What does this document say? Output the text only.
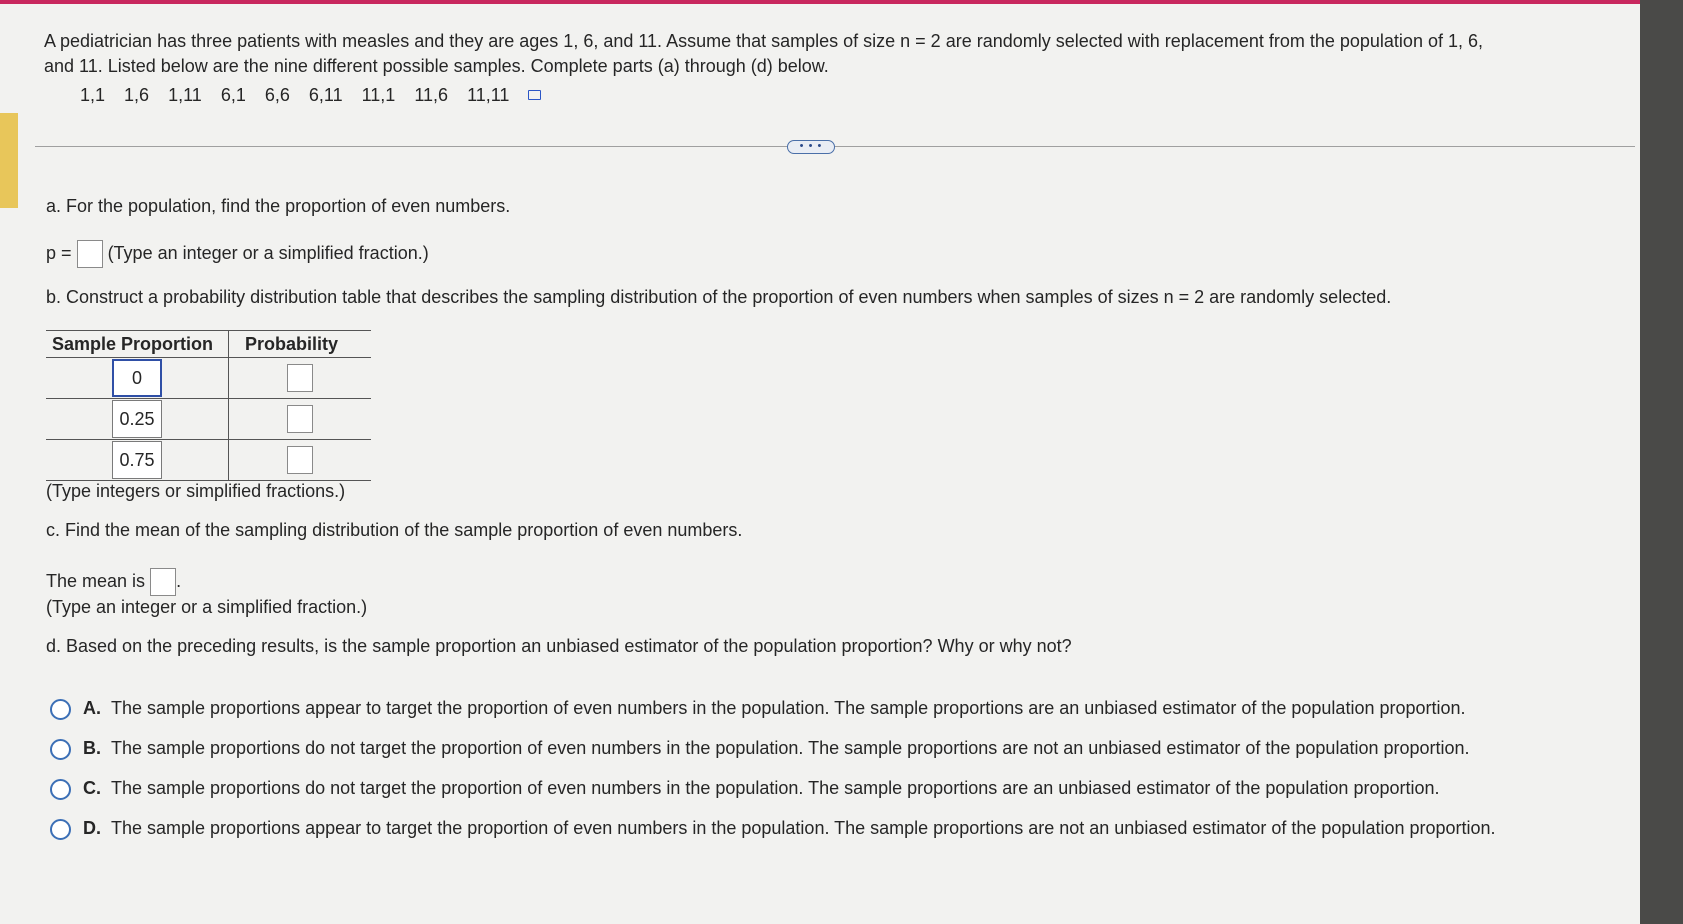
A pediatrician has three patients with measles and they are ages 1, 6, and 11. Assume that samples of size n = 2 are randomly selected with replacement from the population of 1, 6,
and 11. Listed below are the nine different possible samples. Complete parts (a) through (d) below.
1,1 1,6 1,11 6,1 6,6 6,11 11,1 11,6 11,11
• • •
a. For the population, find the proportion of even numbers.
p = (Type an integer or a simplified fraction.)
b. Construct a probability distribution table that describes the sampling distribution of the proportion of even numbers when samples of sizes n = 2 are randomly selected.
Sample Proportion	Probability
0	
0.25	
0.75	
(Type integers or simplified fractions.)
c. Find the mean of the sampling distribution of the sample proportion of even numbers.
The mean is .
(Type an integer or a simplified fraction.)
d. Based on the preceding results, is the sample proportion an unbiased estimator of the population proportion? Why or why not?
A. The sample proportions appear to target the proportion of even numbers in the population. The sample proportions are an unbiased estimator of the population proportion.
B. The sample proportions do not target the proportion of even numbers in the population. The sample proportions are not an unbiased estimator of the population proportion.
C. The sample proportions do not target the proportion of even numbers in the population. The sample proportions are an unbiased estimator of the population proportion.
D. The sample proportions appear to target the proportion of even numbers in the population. The sample proportions are not an unbiased estimator of the population proportion.
